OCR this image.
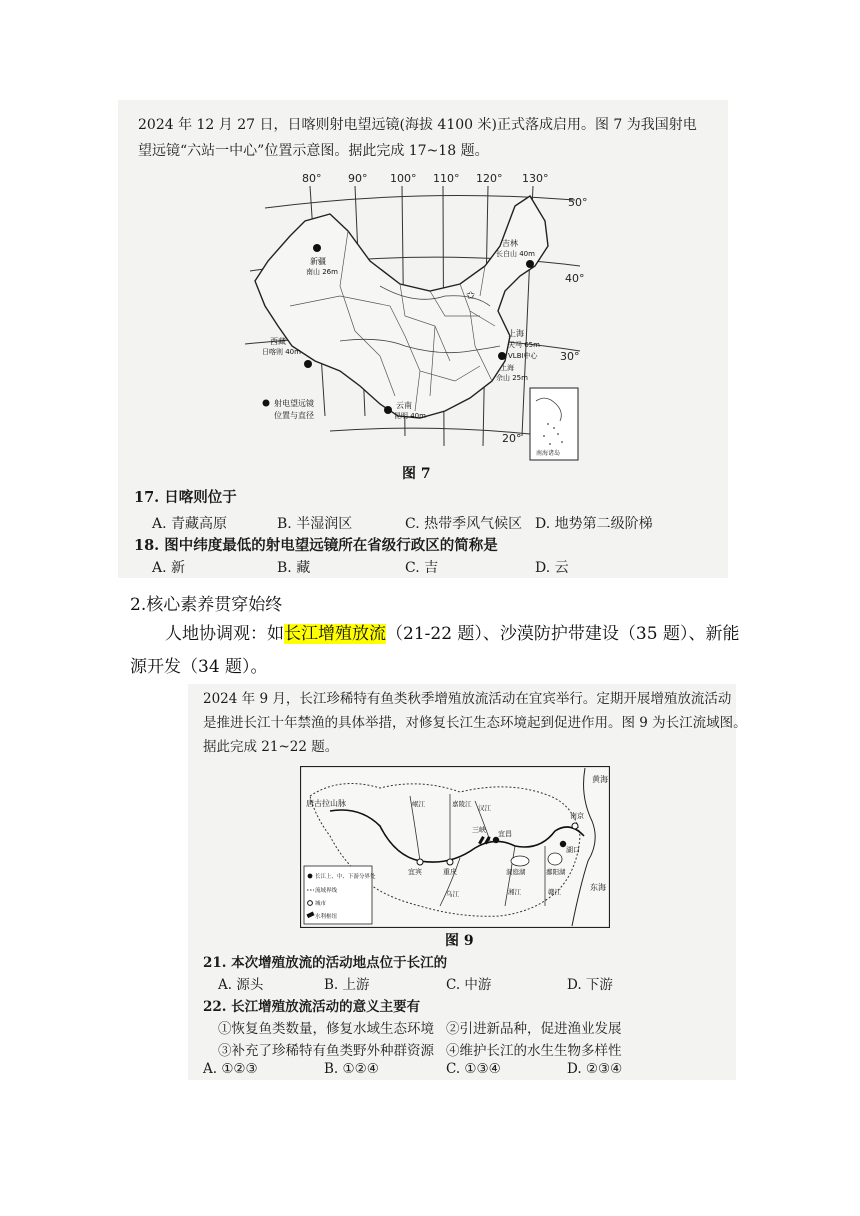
2024 年 12 月 27 日，日喀则射电望远镜(海拔 4100 米)正式落成启用。图 7 为我国射电
望远镜“六站一中心”位置示意图。据此完成 17~18 题。
南海诸岛
80° 90° 100° 110° 120° 130°
50°
40°
30°
20°
新疆
南山 26m
吉林
长白山 40m
西藏
日喀则 40m
上海
天马 65m
VLBI中心
上海
佘山 25m
云南
昆明 40m
✩
射电望远镜
位置与直径
图 7
17. 日喀则位于
A. 青藏高原	B. 半湿润区	C. 热带季风气候区 D. 地势第二级阶梯
18. 图中纬度最低的射电望远镜所在省级行政区的简称是
A. 新	B. 藏	C. 吉	D. 云
2.核心素养贯穿始终
人地协调观：如长江增殖放流（21-22 题）、沙漠防护带建设（35 题）、新能
源开发（34 题）。
2024 年 9 月，长江珍稀特有鱼类秋季增殖放流活动在宜宾举行。定期开展增殖放流活动
是推进长江十年禁渔的具体举措，对修复长江生态环境起到促进作用。图 9 为长江流域图。
据此完成 21~22 题。
唐古拉山脉
黄海
东海
宜宾	重庆
宜昌
三峡
南京
湖口
洞庭湖	鄱阳湖
嘉陵江
岷江	汉江
湘江	赣江
乌江
长江上、中、下游分界处
流域界线
城市
水利枢纽
图 9
21. 本次增殖放流的活动地点位于长江的
A. 源头	B. 上游	C. 中游	D. 下游
22. 长江增殖放流活动的意义主要有
①恢复鱼类数量，修复水域生态环境 ②引进新品种，促进渔业发展
③补充了珍稀特有鱼类野外种群资源 ④维护长江的水生生物多样性
A. ①②③	B. ①②④	C. ①③④	D. ②③④
